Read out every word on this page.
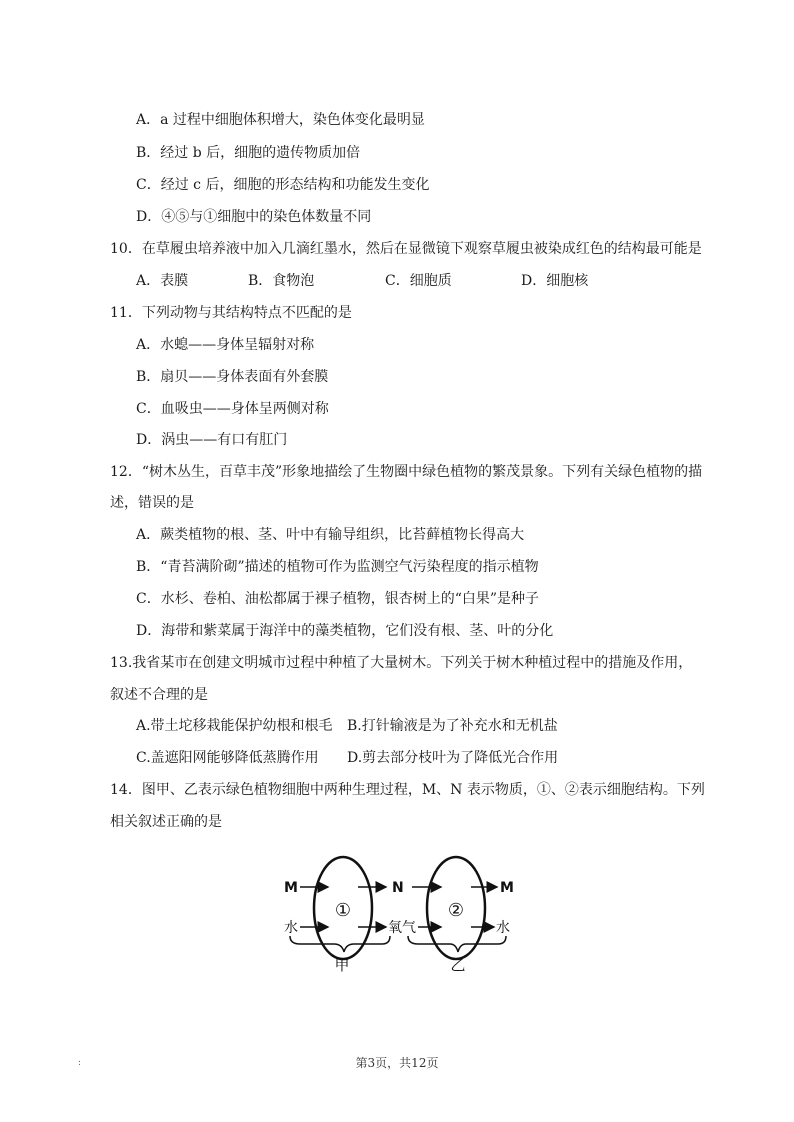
A．a 过程中细胞体积增大，染色体变化最明显
B．经过 b 后，细胞的遗传物质加倍
C．经过 c 后，细胞的形态结构和功能发生变化
D．④⑤与①细胞中的染色体数量不同
10．在草履虫培养液中加入几滴红墨水，然后在显微镜下观察草履虫被染成红色的结构最可能是
A．表膜	B．食物泡	C．细胞质	D．细胞核
11．下列动物与其结构特点不匹配的是
A．水螅——身体呈辐射对称
B．扇贝——身体表面有外套膜
C．血吸虫——身体呈两侧对称
D．涡虫——有口有肛门
12．“树木丛生，百草丰茂”形象地描绘了生物圈中绿色植物的繁茂景象。下列有关绿色植物的描
述，错误的是
A．蕨类植物的根、茎、叶中有输导组织，比苔藓植物长得高大
B．“青苔满阶砌”描述的植物可作为监测空气污染程度的指示植物
C．水杉、卷柏、油松都属于裸子植物，银杏树上的“白果”是种子
D．海带和紫菜属于海洋中的藻类植物，它们没有根、茎、叶的分化
13.我省某市在创建文明城市过程中种植了大量树木。下列关于树木种植过程中的措施及作用，
叙述不合理的是
A.带土坨移栽能保护幼根和根毛 B.打针输液是为了补充水和无机盐
C.盖遮阳网能够降低蒸腾作用 D.剪去部分枝叶为了降低光合作用
14．图甲、乙表示绿色植物细胞中两种生理过程，M、N 表示物质，①、②表示细胞结构。下列
相关叙述正确的是
①	②
M
水
N
氧气
M
水
甲	乙
:	第3页，共12页
